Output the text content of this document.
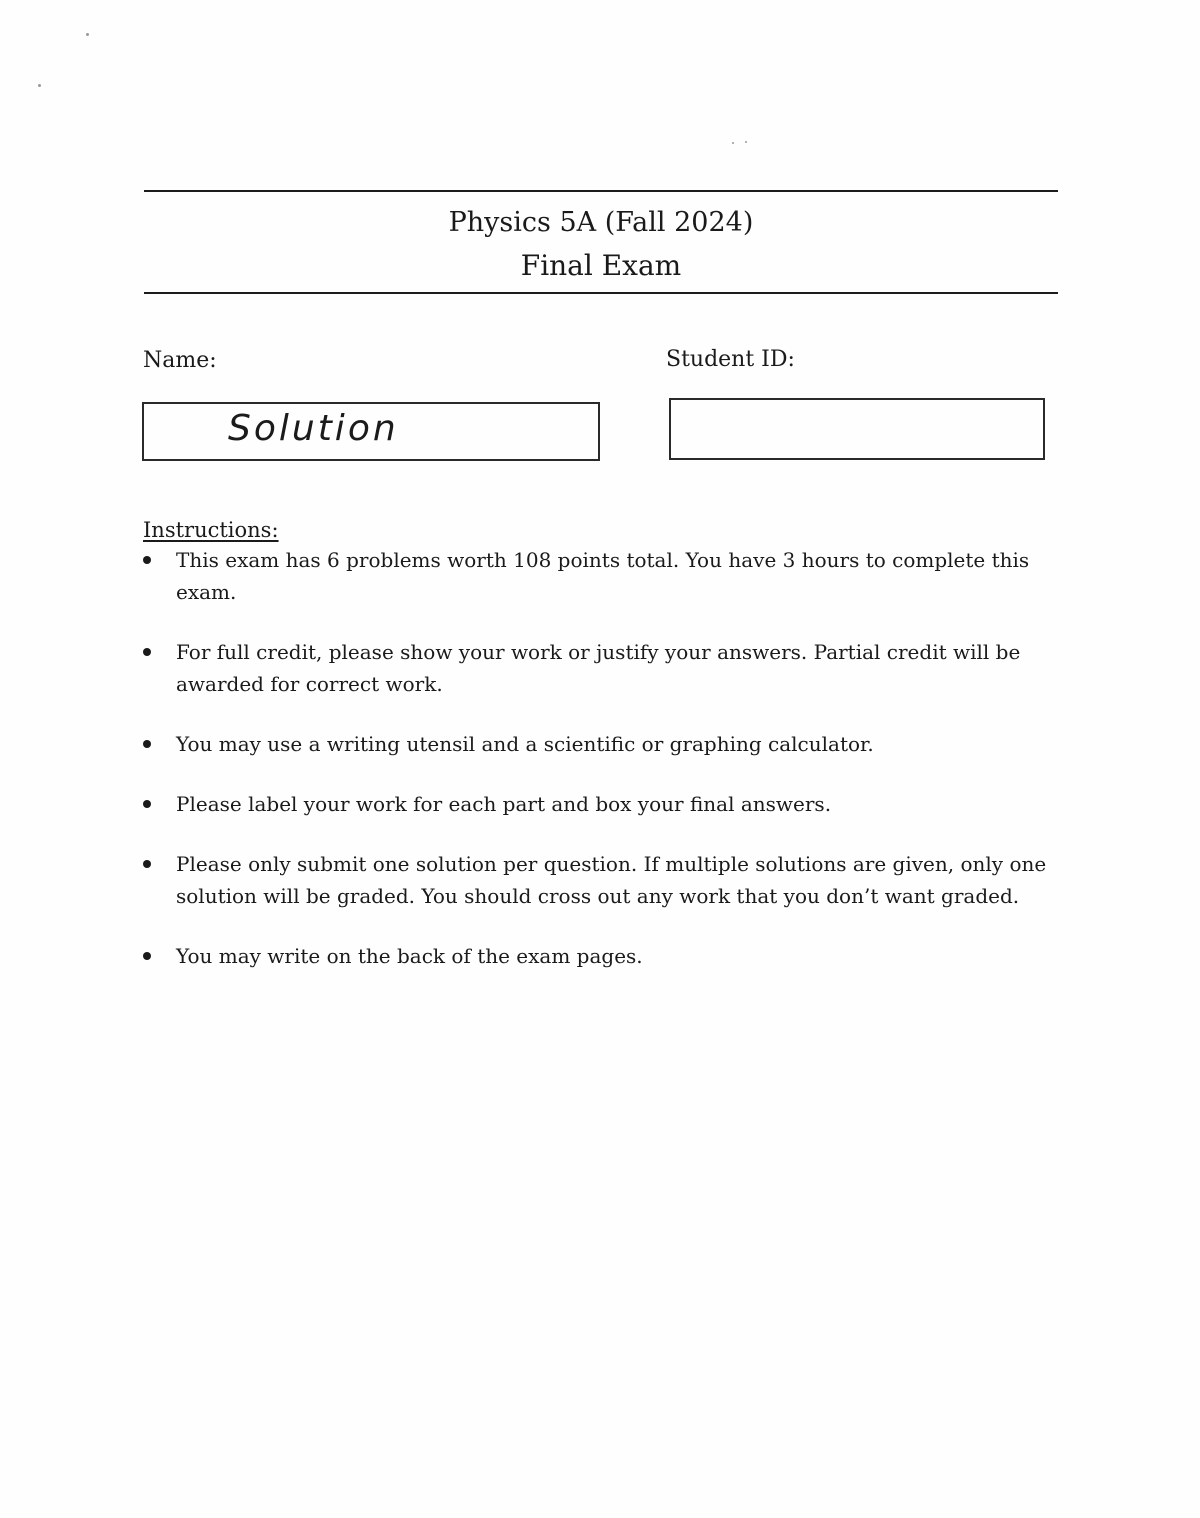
Physics 5A (Fall 2024)
Final Exam
Name:	Student ID:
Solution
Instructions:
This exam has 6 problems worth 108 points total. You have 3 hours to complete this exam.
For full credit, please show your work or justify your answers. Partial credit will be awarded for correct work.
You may use a writing utensil and a scientific or graphing calculator.
Please label your work for each part and box your final answers.
Please only submit one solution per question. If multiple solutions are given, only one solution will be graded. You should cross out any work that you don’t want graded.
You may write on the back of the exam pages.
